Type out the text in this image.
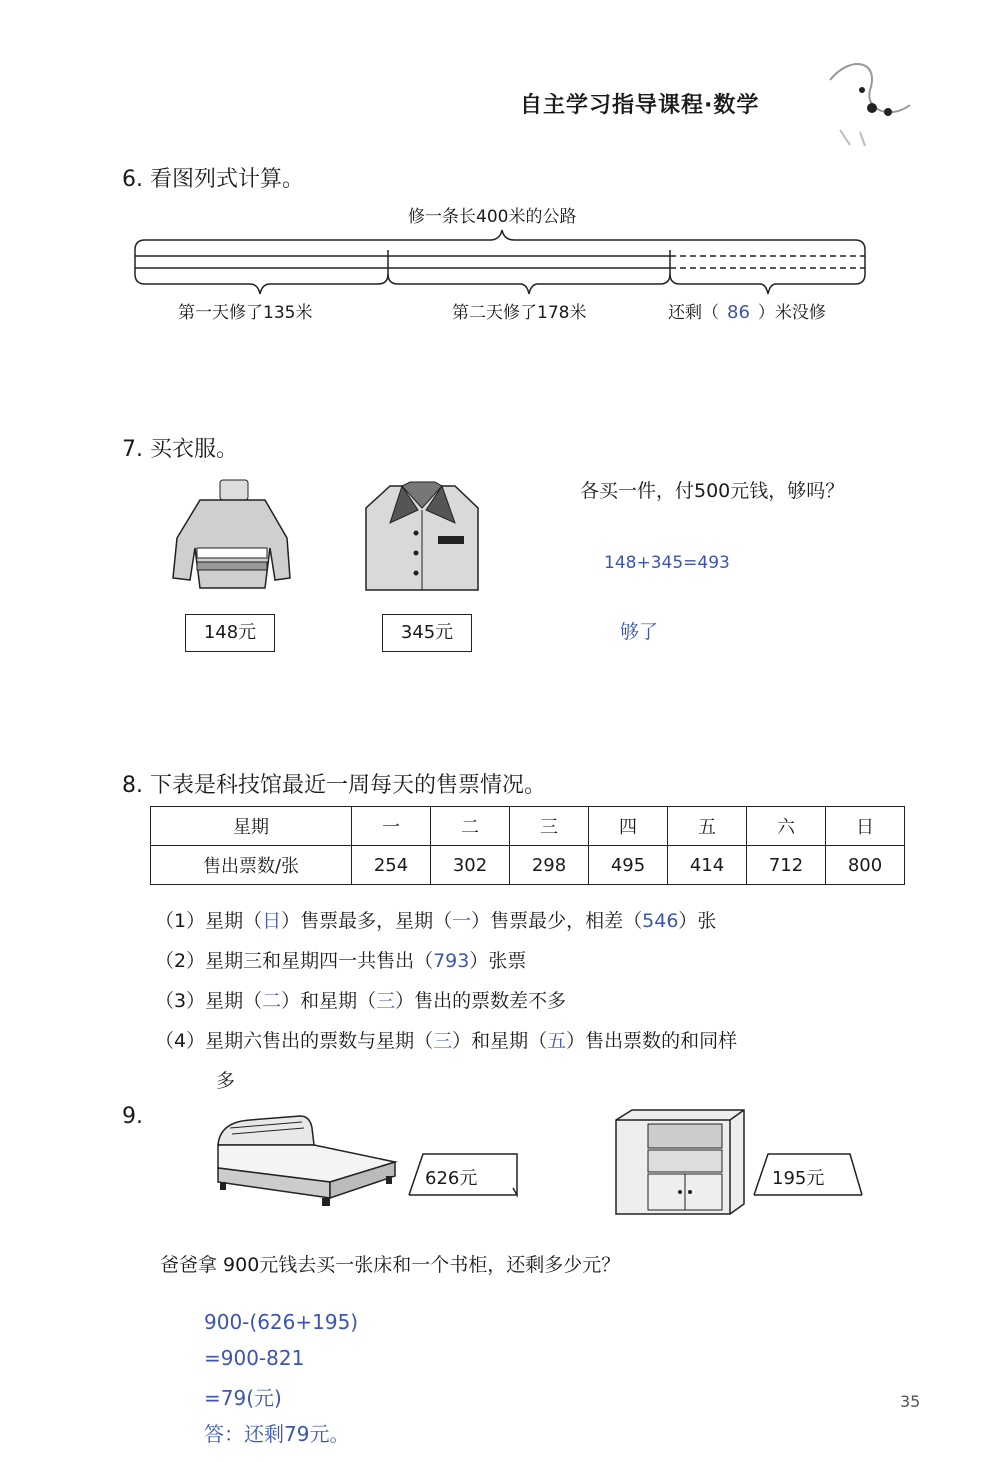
自主学习指导课程·数学
6. 看图列式计算。
修一条长400米的公路
第一天修了135米	第二天修了178米	还剩（ 86 ）米没修
7. 买衣服。
148元	345元
各买一件，付500元钱，够吗？
148+345=493
够了
8. 下表是科技馆最近一周每天的售票情况。
星期	一	二	三	四	五	六	日
售出票数/张	254	302	298	495	414	712	800
（1）星期（日）售票最多，星期（一）售票最少，相差（546）张
（2）星期三和星期四一共售出（793）张票
（3）星期（二）和星期（三）售出的票数差不多
（4）星期六售出的票数与星期（三）和星期（五）售出票数的和同样
多
9.
626元	195元
爸爸拿 900元钱去买一张床和一个书柜，还剩多少元？
900-(626+195)
=900-821
=79(元)
答：还剩79元。
35
